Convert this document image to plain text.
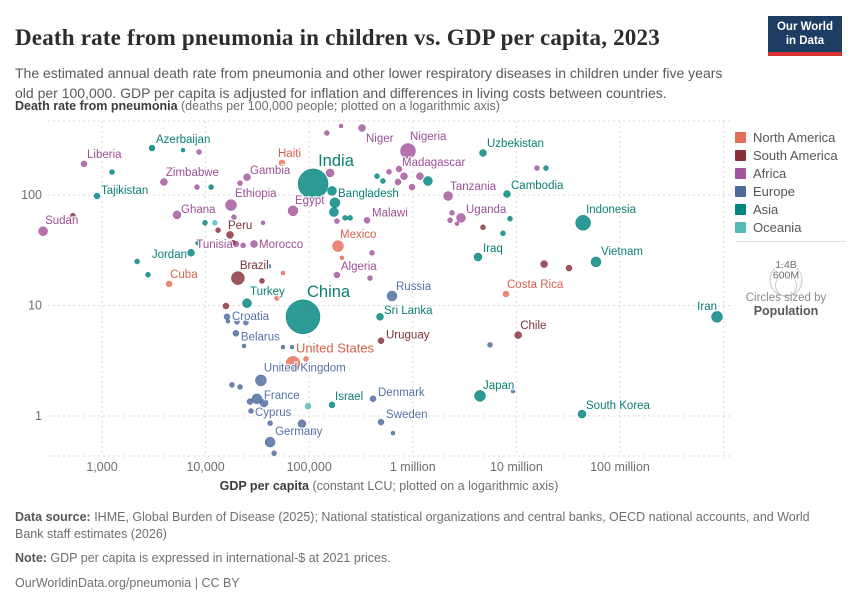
Death rate from pneumonia in children vs. GDP per capita, 2023

The estimated annual death rate from pneumonia and other lower respiratory diseases in children under five years old per 100,000. GDP per capita is adjusted for inflation and differences in living costs between countries.

Our World
in Data
Death rate from pneumonia (deaths per 100,000 people; plotted on a logarithmic axis)
1,000	10,000	100,000	1 million	10 million	100 million
1
10
100
Sudan
Liberia
Tajikistan
Azerbaijan
Zimbabwe
Ghana
Jordan
Cuba
Tunisia
Peru
Brazil
Morocco
Ethiopia
Gambia
Haiti India
Egypt
Bangladesh
Malawi
Mexico
Algeria
Niger Nigeria
Madagascar
Uzbekistan
Tanzania Cambodia
Uganda	Indonesia
Iraq	Vietnam
Costa Rica
Russia
Sri Lanka
Uruguay
Chile
China
Turkey
Croatia
Belarus
United States
United Kingdom
France
Cyprus
Germany
Israel Denmark
Sweden
Japan
South Korea
Iran
1.4B
600M
Circles sized by
Population
North America
South America
Africa
Europe
Asia
Oceania
GDP per capita (constant LCU; plotted on a logarithmic axis)
Data source: IHME, Global Burden of Disease (2025); National statistical organizations and central banks, OECD national accounts, and World Bank staff estimates (2026)
Note: GDP per capita is expressed in international-$ at 2021 prices.
OurWorldinData.org/pneumonia | CC BY
